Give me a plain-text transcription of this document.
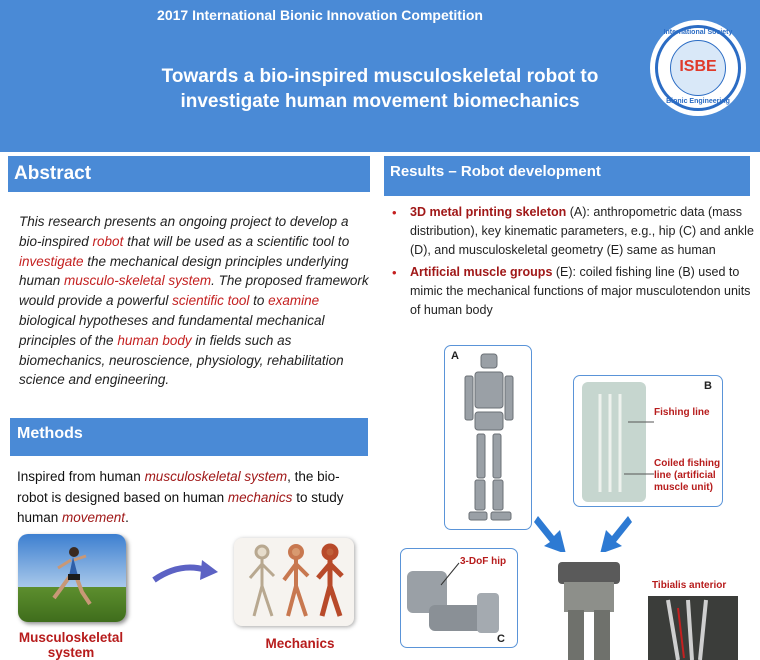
2017 International Bionic Innovation Competition
Towards a bio-inspired musculoskeletal robot to investigate human movement biomechanics
International Society
ISBE
Bionic Engineering
Abstract
This research presents an ongoing project to develop a bio-inspired robot that will be used as a scientific tool to investigate the mechanical design principles underlying human musculo-skeletal system. The proposed framework would provide a powerful scientific tool to examine biological hypotheses and fundamental mechanical principles of the human body in fields such as biomechanics, neuroscience, physiology, rehabilitation science and engineering.
Methods
Inspired from human musculoskeletal system, the bio-robot is designed based on human mechanics to study human movement.
Musculoskeletal system
Mechanics
Results – Robot development
• 3D metal printing skeleton (A): anthropometric data (mass distribution), key kinematic parameters, e.g., hip (C) and ankle (D), and musculoskeletal geometry (E) same as human
• Artificial muscle groups (E): coiled fishing line (B) used to mimic the mechanical functions of major musculotendon units of human body
A
B
Fishing line
Coiled fishing line (artificial muscle unit)
C
3-DoF hip
Tibialis anterior
